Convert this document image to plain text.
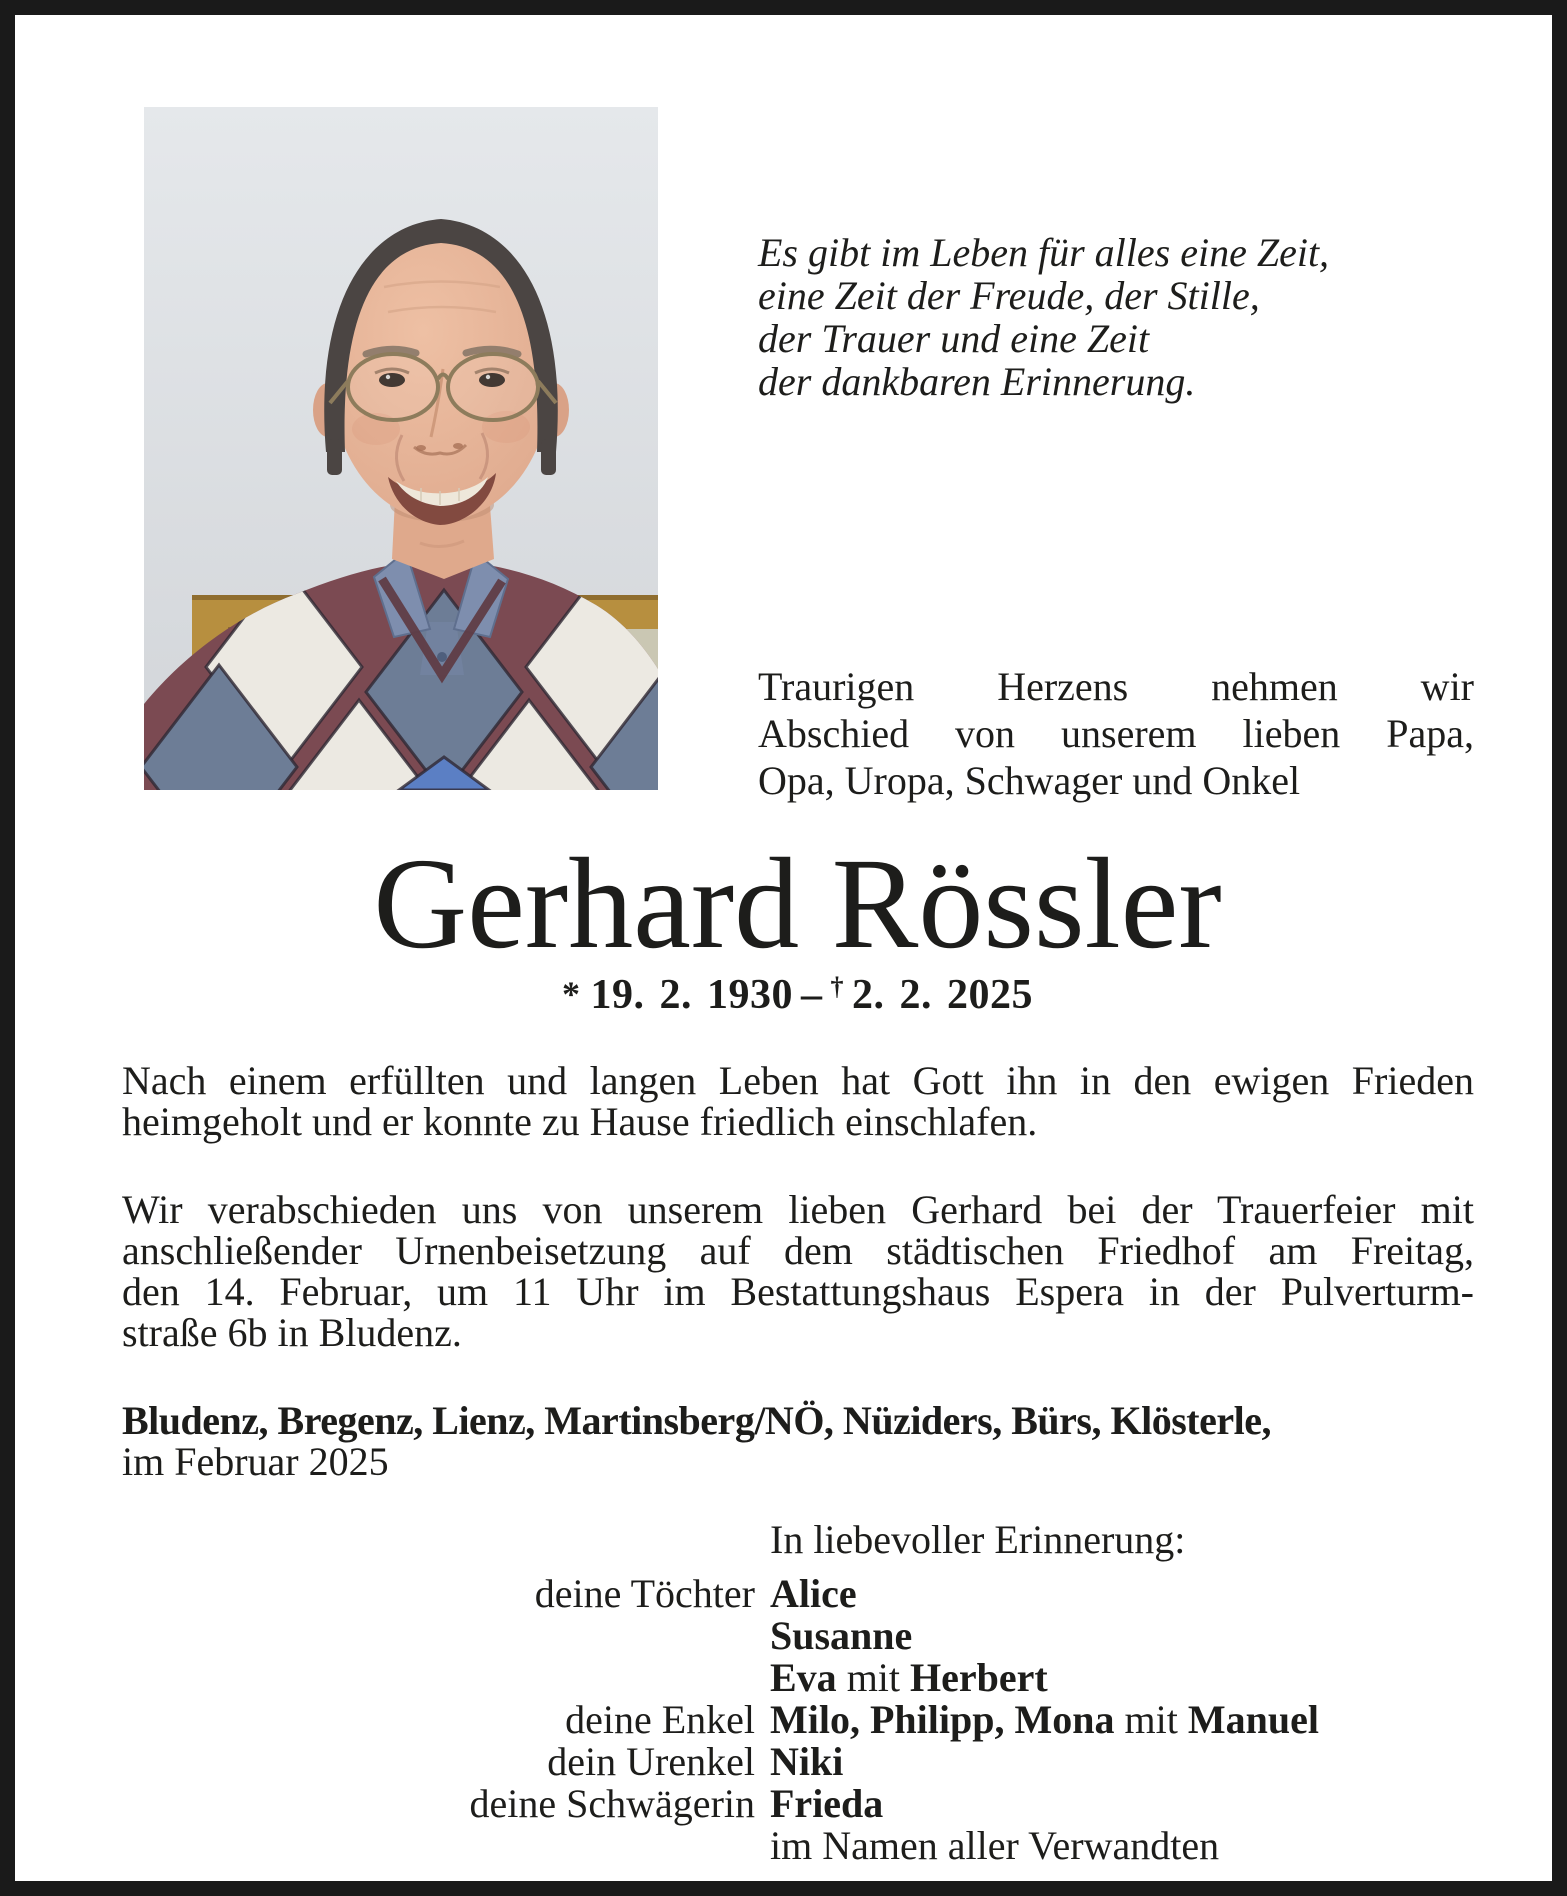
Es gibt im Leben für alles eine Zeit,
eine Zeit der Freude, der Stille,
der Trauer und eine Zeit
der dankbaren Erinnerung.
Traurigen Herzens nehmen wir
Abschied von unserem lieben Papa,
Opa, Uropa, Schwager und Onkel
Gerhard Rössler
* 19. 2. 1930 – † 2. 2. 2025
Nach einem erfüllten und langen Leben hat Gott ihn in den ewigen Frieden
heimgeholt und er konnte zu Hause friedlich einschlafen.
Wir verabschieden uns von unserem lieben Gerhard bei der Trauerfeier mit
anschließender Urnenbeisetzung auf dem städtischen Friedhof am Freitag,
den 14. Februar, um 11 Uhr im Bestattungshaus Espera in der Pulverturm-
straße 6b in Bludenz.
Bludenz, Bregenz, Lienz, Martinsberg/NÖ, Nüziders, Bürs, Klösterle,
im Februar 2025
In liebevoller Erinnerung:
deine Töchter Alice
Susanne
Eva mit Herbert
deine Enkel Milo, Philipp, Mona mit Manuel
dein Urenkel Niki
deine Schwägerin Frieda
im Namen aller Verwandten
